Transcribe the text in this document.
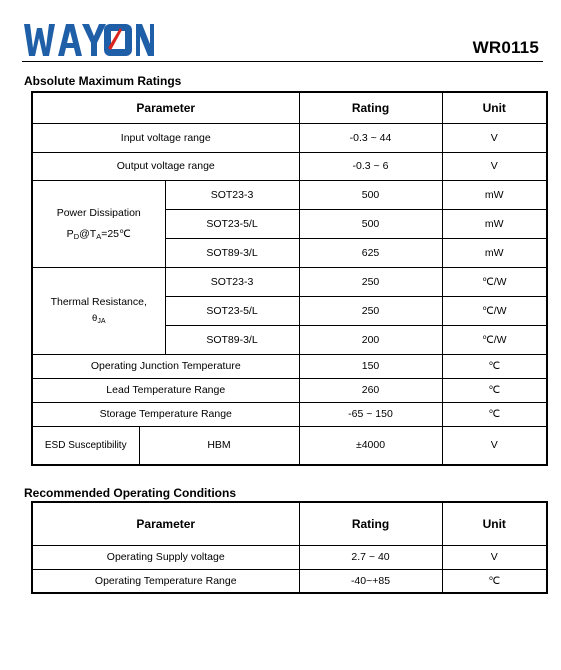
WR0115
Absolute Maximum Ratings
Parameter			Rating	Unit
Input voltage range			-0.3 ~ 44	V
Output voltage range			-0.3 ~ 6	V

Power Dissipation
$P_D@T_A=25℃$		SOT23-3	500	mW
		SOT23-5/L	500	mW
		SOT89-3/L	625	mW
Thermal Resistance,
$\theta_{JA}$		SOT23-3	250	℃/W
		SOT23-5/L	250	℃/W
		SOT89-3/L	200	℃/W
Operating Junction Temperature			150	℃
Lead Temperature Range			260	℃
Storage Temperature Range			-65 ~ 150	℃
ESD Susceptibility	HBM		±4000	V
Recommended Operating Conditions
Parameter	Rating	Unit
Operating Supply voltage	2.7 ~ 40	V
Operating Temperature Range	-40~+85	℃
